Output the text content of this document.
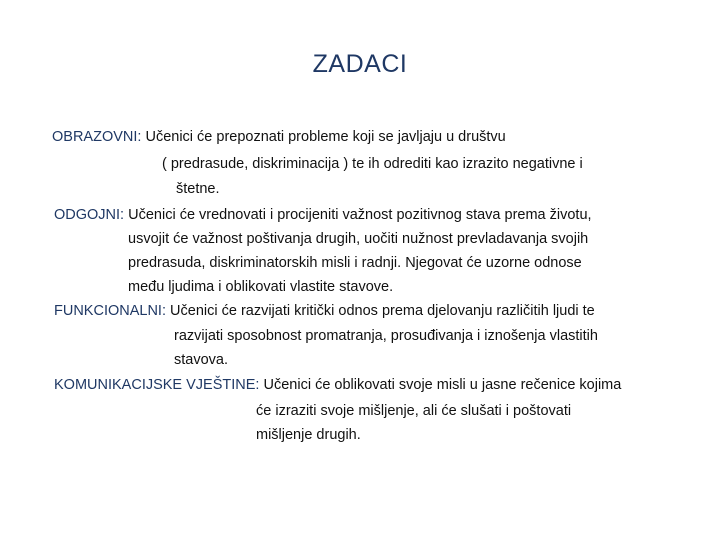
ZADACI
OBRAZOVNI: Učenici će prepoznati probleme koji se javljaju u društvu
( predrasude, diskriminacija ) te ih odrediti kao izrazito negativne i
štetne.
ODGOJNI: Učenici će vrednovati i procijeniti važnost pozitivnog stava prema životu,
usvojit će važnost poštivanja drugih, uočiti nužnost prevladavanja svojih
predrasuda, diskriminatorskih misli i radnji. Njegovat će uzorne odnose
među ljudima i oblikovati vlastite stavove.
FUNKCIONALNI: Učenici će razvijati kritički odnos prema djelovanju različitih ljudi te
razvijati sposobnost promatranja, prosuđivanja i iznošenja vlastitih
stavova.
KOMUNIKACIJSKE VJEŠTINE: Učenici će oblikovati svoje misli u jasne rečenice kojima
će izraziti svoje mišljenje, ali će slušati i poštovati
mišljenje drugih.
